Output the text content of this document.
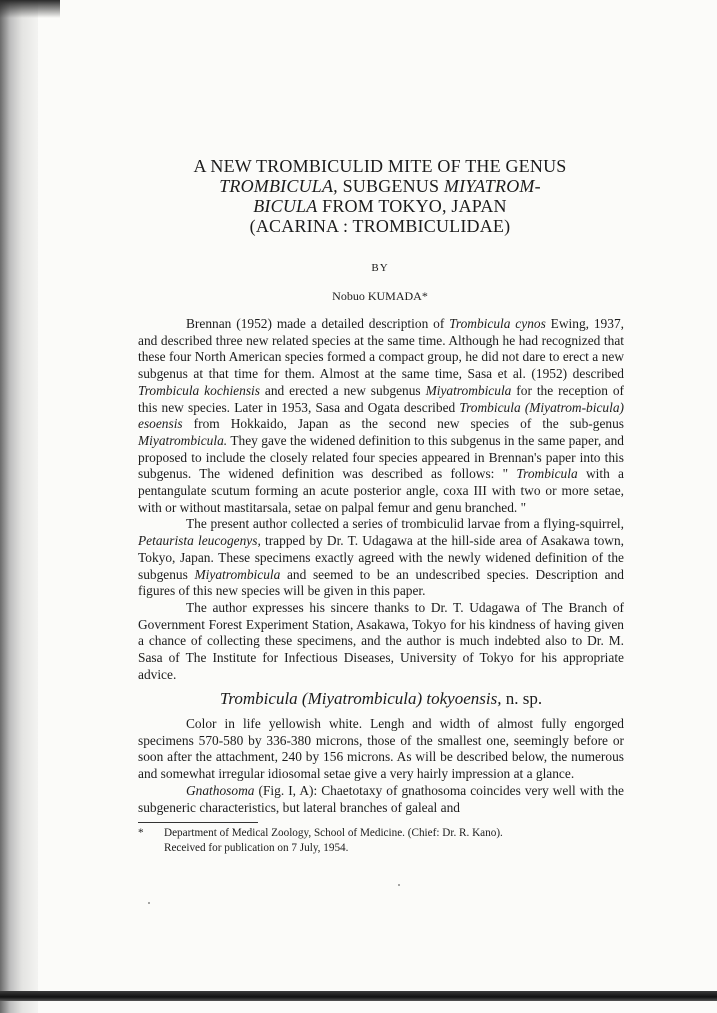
A NEW TROMBICULID MITE OF THE GENUS
TROMBICULA, SUBGENUS MIYATROM-
BICULA FROM TOKYO, JAPAN
(ACARINA : TROMBICULIDAE)
BY
Nobuo KUMADA*

Brennan (1952) made a detailed description of Trombicula cynos Ewing, 1937, and described three new related species at the same time. Although he had recognized that these four North American species formed a compact group, he did not dare to erect a new subgenus at that time for them. Almost at the same time, Sasa et al. (1952) described Trombicula kochiensis and erected a new subgenus Miyatrombicula for the reception of this new species. Later in 1953, Sasa and Ogata described Trombicula (Miyatrom-bicula) esoensis from Hokkaido, Japan as the second new species of the sub-genus Miyatrombicula. They gave the widened definition to this subgenus in the same paper, and proposed to include the closely related four species appeared in Brennan's paper into this subgenus. The widened definition was described as follows: " Trombicula with a pentangulate scutum forming an acute posterior angle, coxa III with two or more setae, with or without mastitarsala, setae on palpal femur and genu branched. "

The present author collected a series of trombiculid larvae from a flying-squirrel, Petaurista leucogenys, trapped by Dr. T. Udagawa at the hill-side area of Asakawa town, Tokyo, Japan. These specimens exactly agreed with the newly widened definition of the subgenus Miyatrombicula and seemed to be an undescribed species. Description and figures of this new species will be given in this paper.

The author expresses his sincere thanks to Dr. T. Udagawa of The Branch of Government Forest Experiment Station, Asakawa, Tokyo for his kindness of having given a chance of collecting these specimens, and the author is much indebted also to Dr. M. Sasa of The Institute for Infectious Diseases, University of Tokyo for his appropriate advice.

Trombicula (Miyatrombicula) tokyoensis, n. sp.

Color in life yellowish white. Lengh and width of almost fully engorged specimens 570-580 by 336-380 microns, those of the smallest one, seemingly before or soon after the attachment, 240 by 156 microns. As will be described below, the numerous and somewhat irregular idiosomal setae give a very hairly impression at a glance.

Gnathosoma (Fig. I, A): Chaetotaxy of gnathosoma coincides very well with the subgeneric characteristics, but lateral branches of galeal and

* Department of Medical Zoology, School of Medicine. (Chief: Dr. R. Kano).
Received for publication on 7 July, 1954.
